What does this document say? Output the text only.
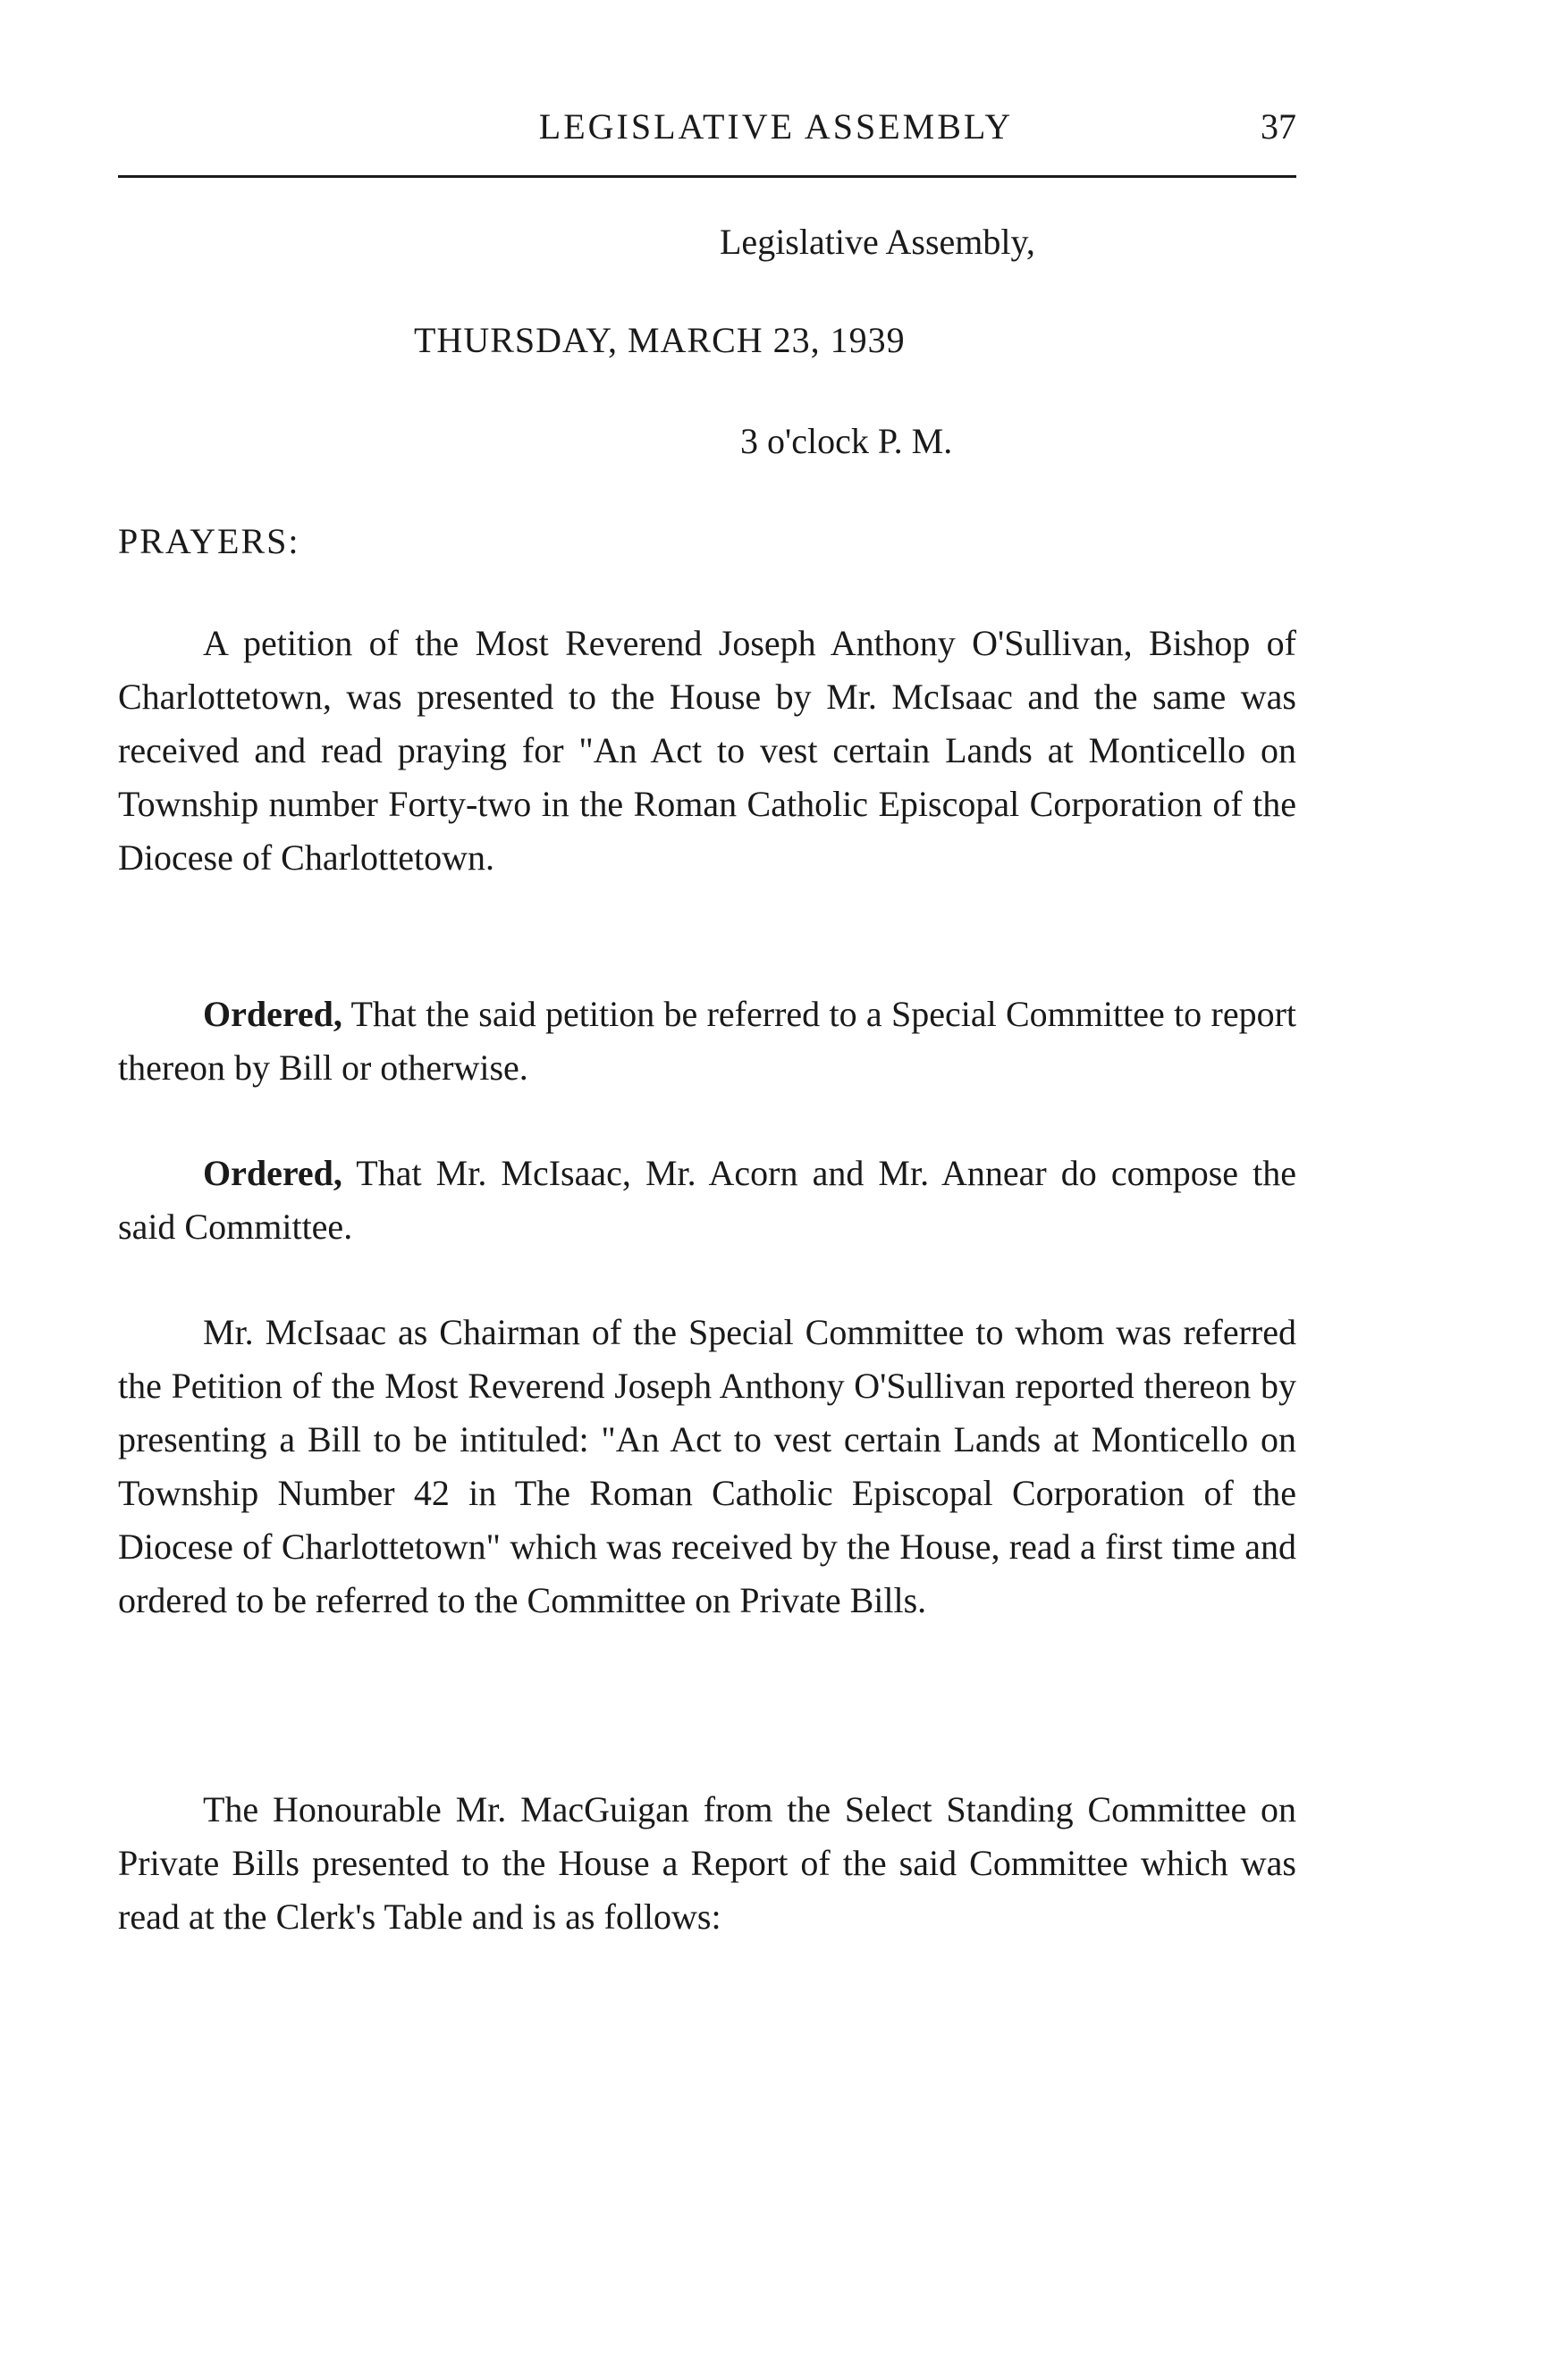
LEGISLATIVE ASSEMBLY	37
Legislative Assembly,
THURSDAY, MARCH 23, 1939
3 o'clock P. M.
PRAYERS:

A petition of the Most Reverend Joseph Anthony O'Sullivan, Bishop of Charlottetown, was presented to the House by Mr. McIsaac and the same was received and read praying for "An Act to vest certain Lands at Monticello on Township number Forty-two in the Roman Catholic Episcopal Corporation of the Diocese of Charlottetown.

Ordered, That the said petition be referred to a Special Committee to report thereon by Bill or otherwise.

Ordered, That Mr. McIsaac, Mr. Acorn and Mr. Annear do compose the said Committee.

Mr. McIsaac as Chairman of the Special Committee to whom was referred the Petition of the Most Reverend Joseph Anthony O'Sullivan reported thereon by presenting a Bill to be intituled: "An Act to vest certain Lands at Monticello on Township Number 42 in The Roman Catholic Episcopal Corporation of the Diocese of Charlottetown" which was received by the House, read a first time and ordered to be referred to the Committee on Private Bills.

The Honourable Mr. MacGuigan from the Select Standing Committee on Private Bills presented to the House a Report of the said Committee which was read at the Clerk's Table and is as follows:
